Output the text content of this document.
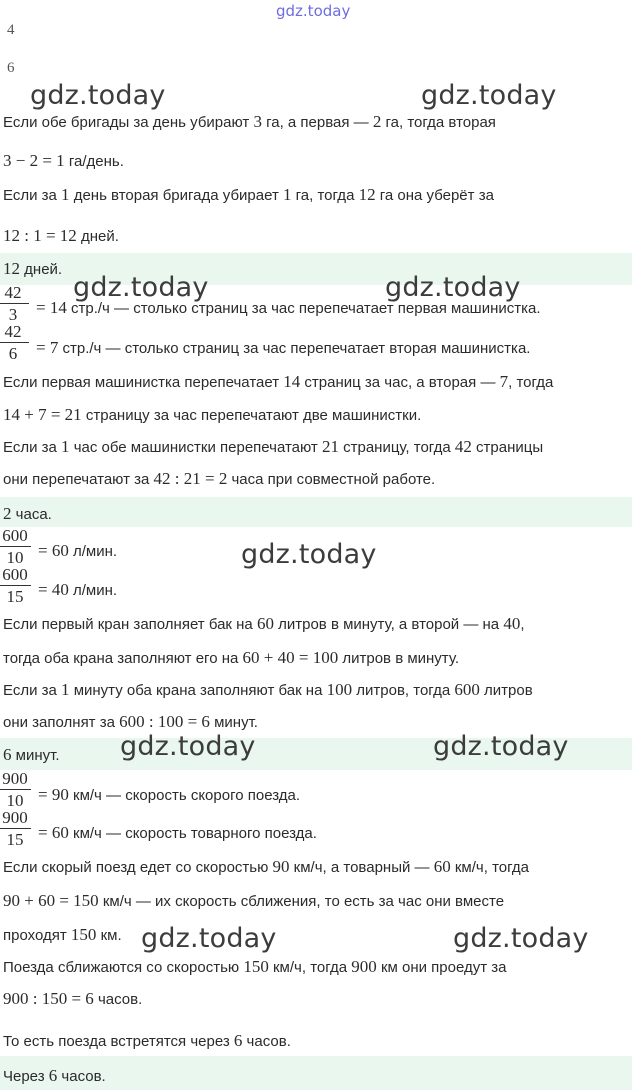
gdz.today
4
6
Если обе бригады за день убирают 3 га, а первая — 2 га, тогда вторая
3 − 2 = 1 га/день.
Если за 1 день вторая бригада убирает 1 га, тогда 12 га она уберёт за
12 : 1 = 12 дней.
12 дней.
42
3	= 14 стр./ч — столько страниц за час перепечатает первая машинистка.
42
6	= 7 стр./ч — столько страниц за час перепечатает вторая машинистка.
Если первая машинистка перепечатает 14 страниц за час, а вторая — 7, тогда
14 + 7 = 21 страницу за час перепечатают две машинистки.
Если за 1 час обе машинистки перепечатают 21 страницу, тогда 42 страницы
они перепечатают за 42 : 21 = 2 часа при совместной работе.
2 часа.
600
10 = 60 л/мин.
600
15 = 40 л/мин.
Если первый кран заполняет бак на 60 литров в минуту, а второй — на 40,
тогда оба крана заполняют его на 60 + 40 = 100 литров в минуту.
Если за 1 минуту оба крана заполняют бак на 100 литров, тогда 600 литров
они заполнят за 600 : 100 = 6 минут.
6 минут.
900
10 = 90 км/ч — скорость скорого поезда.
900
15 = 60 км/ч — скорость товарного поезда.
Если скорый поезд едет со скоростью 90 км/ч, а товарный — 60 км/ч, тогда
90 + 60 = 150 км/ч — их скорость сближения, то есть за час они вместе
проходят 150 км.
Поезда сближаются со скоростью 150 км/ч, тогда 900 км они проедут за
900 : 150 = 6 часов.
То есть поезда встретятся через 6 часов.
Через 6 часов.
gdz.today	gdz.today
gdz.today	gdz.today
gdz.today
gdz.today	gdz.today
gdz.today	gdz.today
